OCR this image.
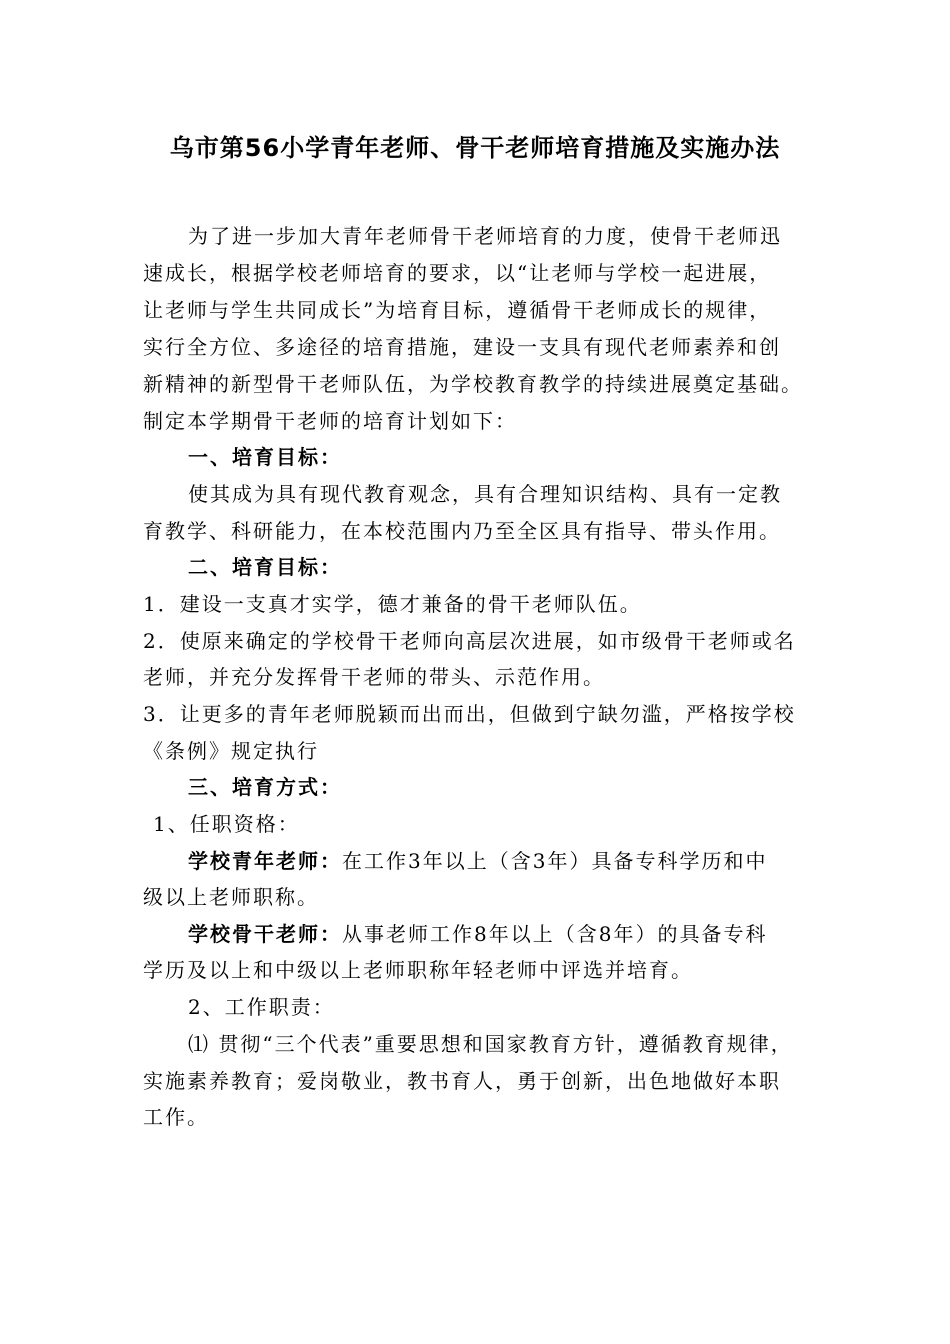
乌市第56小学青年老师、骨干老师培育措施及实施办法
为了进一步加大青年老师骨干老师培育的力度，使骨干老师迅
速成长，根据学校老师培育的要求，以“让老师与学校一起进展，
让老师与学生共同成长”为培育目标，遵循骨干老师成长的规律，
实行全方位、多途径的培育措施，建设一支具有现代老师素养和创
新精神的新型骨干老师队伍，为学校教育教学的持续进展奠定基础。
制定本学期骨干老师的培育计划如下：
一、培育目标：
使其成为具有现代教育观念，具有合理知识结构、具有一定教
育教学、科研能力，在本校范围内乃至全区具有指导、带头作用。
二、培育目标：
1．建设一支真才实学，德才兼备的骨干老师队伍。
2．使原来确定的学校骨干老师向高层次进展，如市级骨干老师或名
老师，并充分发挥骨干老师的带头、示范作用。
3．让更多的青年老师脱颖而出而出，但做到宁缺勿滥，严格按学校
《条例》规定执行
三、培育方式：
1、任职资格：
学校青年老师：在工作3年以上（含3年）具备专科学历和中
级以上老师职称。
学校骨干老师：从事老师工作8年以上（含8年）的具备专科
学历及以上和中级以上老师职称年轻老师中评选并培育。
2、工作职责：
⑴ 贯彻“三个代表”重要思想和国家教育方针，遵循教育规律，
实施素养教育；爱岗敬业，教书育人，勇于创新，出色地做好本职
工作。
